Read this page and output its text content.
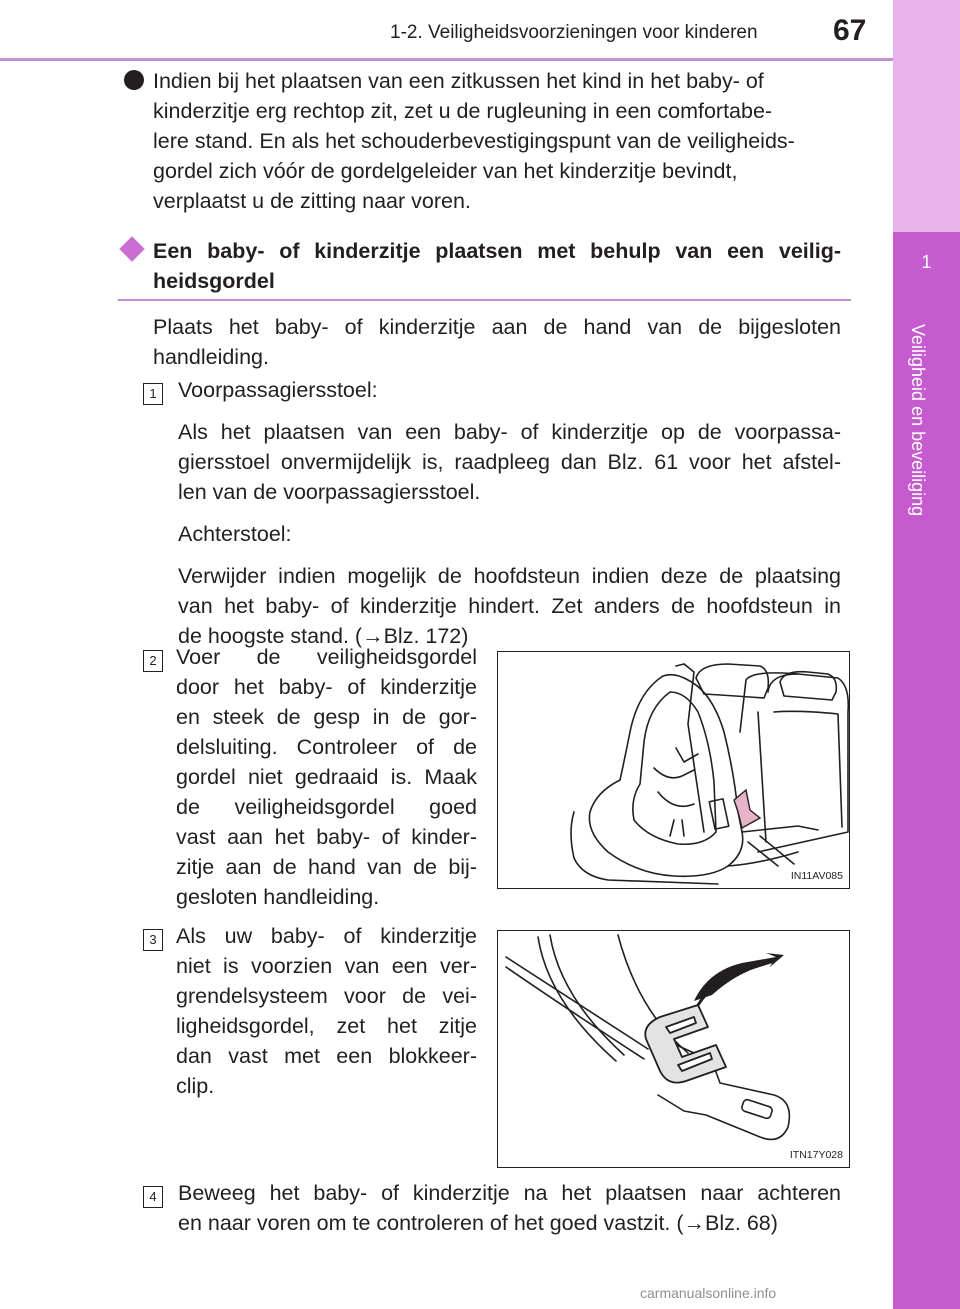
1
Veiligheid en beveiliging
1-2. Veiligheidsvoorzieningen voor kinderen	67
Indien bij het plaatsen van een zitkussen het kind in het baby- of
kinderzitje erg rechtop zit, zet u de rugleuning in een comfortabe-
lere stand. En als het schouderbevestigingspunt van de veiligheids-
gordel zich vóór de gordelgeleider van het kinderzitje bevindt,
verplaatst u de zitting naar voren.
Een baby- of kinderzitje plaatsen met behulp van een veilig-
heidsgordel
Plaats het baby- of kinderzitje aan de hand van de bijgesloten
handleiding.
1 Voorpassagiersstoel:
Als het plaatsen van een baby- of kinderzitje op de voorpassa-
giersstoel onvermijdelijk is, raadpleeg dan Blz. 61 voor het afstel-
len van de voorpassagiersstoel.
Achterstoel:
Verwijder indien mogelijk de hoofdsteun indien deze de plaatsing
van het baby- of kinderzitje hindert. Zet anders de hoofdsteun in
de hoogste stand. (→Blz. 172)
2 Voer de veiligheidsgordel
door het baby- of kinderzitje
en steek de gesp in de gor-
delsluiting. Controleer of de
gordel niet gedraaid is. Maak
de veiligheidsgordel goed
vast aan het baby- of kinder-
zitje aan de hand van de bij-
gesloten handleiding.
IN11AV085
3 Als uw baby- of kinderzitje
niet is voorzien van een ver-
grendelsysteem voor de vei-
ligheidsgordel, zet het zitje
dan vast met een blokkeer-
clip.
ITN17Y028
4 Beweeg het baby- of kinderzitje na het plaatsen naar achteren
en naar voren om te controleren of het goed vastzit. (→Blz. 68)
carmanualsonline.info
